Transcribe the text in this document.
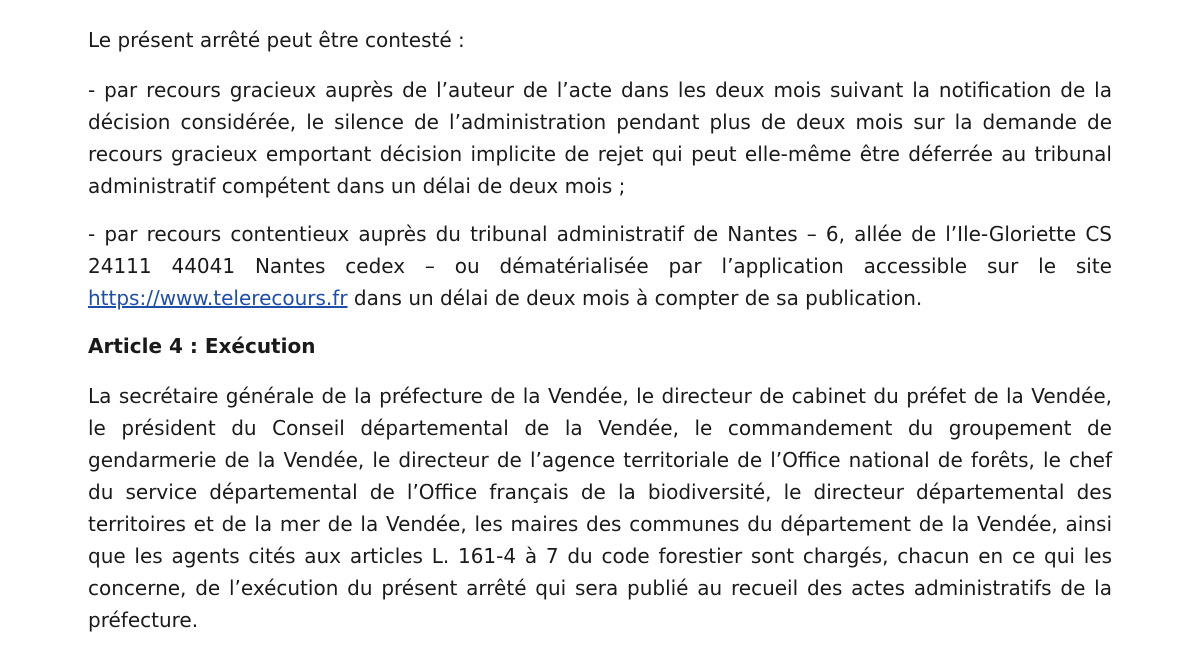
Le présent arrêté peut être contesté :

- par recours gracieux auprès de l’auteur de l’acte dans les deux mois suivant la notification de la décision considérée, le silence de l’administration pendant plus de deux mois sur la demande de recours gracieux emportant décision implicite de rejet qui peut elle-même être déferrée au tribunal administratif compétent dans un délai de deux mois ;

- par recours contentieux auprès du tribunal administratif de Nantes – 6, allée de l’Ile-Gloriette CS 24111 44041 Nantes cedex – ou dématérialisée par l’application accessible sur le site https://www.telerecours.fr dans un délai de deux mois à compter de sa publication.

Article 4 : Exécution

La secrétaire générale de la préfecture de la Vendée, le directeur de cabinet du préfet de la Vendée, le président du Conseil départemental de la Vendée, le commandement du groupement de gendarmerie de la Vendée, le directeur de l’agence territoriale de l’Office national de forêts, le chef du service départemental de l’Office français de la biodiversité, le directeur départemental des territoires et de la mer de la Vendée, les maires des communes du département de la Vendée, ainsi que les agents cités aux articles L. 161-4 à 7 du code forestier sont chargés, chacun en ce qui les concerne, de l’exécution du présent arrêté qui sera publié au recueil des actes administratifs de la préfecture.
